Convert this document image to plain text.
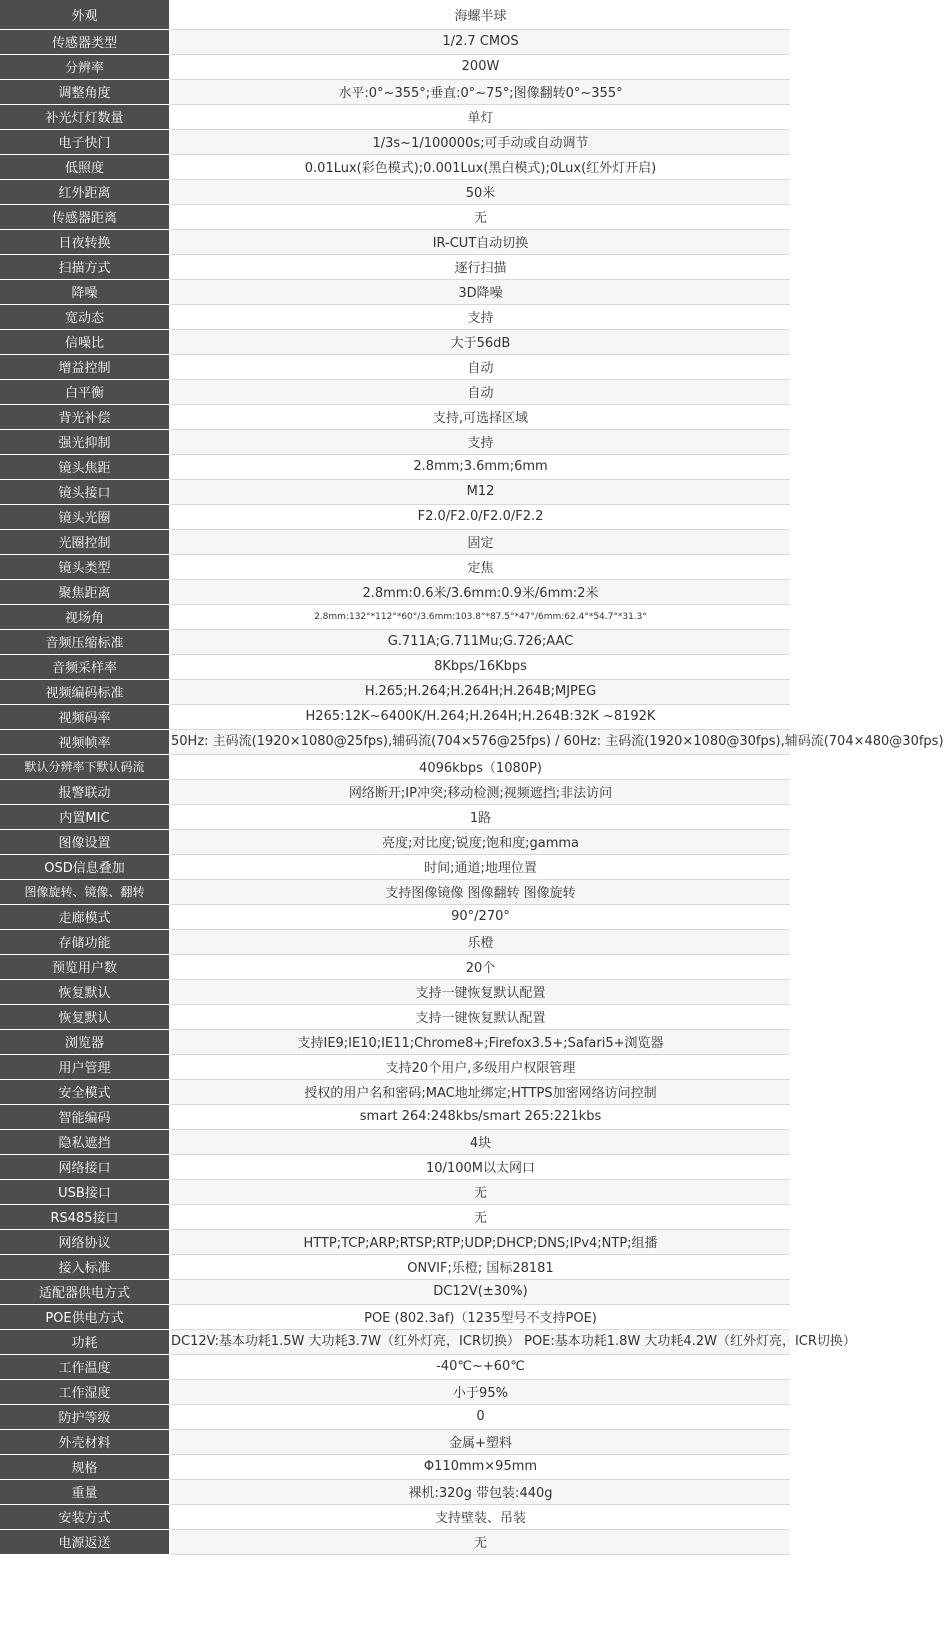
外观	海螺半球
传感器类型	1/2.7 CMOS
分辨率	200W
调整角度	水平:0°~355°;垂直:0°~75°;图像翻转0°~355°
补光灯灯数量	单灯
电子快门	1/3s~1/100000s;可手动或自动调节
低照度	0.01Lux(彩色模式);0.001Lux(黑白模式);0Lux(红外灯开启)
红外距离	50米
传感器距离	无
日夜转换	IR-CUT自动切换
扫描方式	逐行扫描
降噪	3D降噪
宽动态	支持
信噪比	大于56dB
增益控制	自动
白平衡	自动
背光补偿	支持,可选择区域
强光抑制	支持
镜头焦距	2.8mm;3.6mm;6mm
镜头接口	M12
镜头光圈	F2.0/F2.0/F2.0/F2.2
光圈控制	固定
镜头类型	定焦
聚焦距离	2.8mm:0.6米/3.6mm:0.9米/6mm:2米
视场角	2.8mm:132°*112°*60°/3.6mm:103.8°*87.5°*47°/6mm:62.4°*54.7°*31.3°
音频压缩标准	G.711A;G.711Mu;G.726;AAC
音频采样率	8Kbps/16Kbps
视频编码标准	H.265;H.264;H.264H;H.264B;MJPEG
视频码率	H265:12K~6400K/H.264;H.264H;H.264B:32K ~8192K
视频帧率	50Hz: 主码流(1920×1080@25fps),辅码流(704×576@25fps) / 60Hz: 主码流(1920×1080@30fps),辅码流(704×480@30fps)
默认分辨率下默认码流	4096kbps（1080P)
报警联动	网络断开;IP冲突;移动检测;视频遮挡;非法访问
内置MIC	1路
图像设置	亮度;对比度;锐度;饱和度;gamma
OSD信息叠加	时间;通道;地理位置
图像旋转、镜像、翻转	支持图像镜像 图像翻转 图像旋转
走廊模式	90°/270°
存储功能	乐橙
预览用户数	20个
恢复默认	支持一键恢复默认配置
恢复默认	支持一键恢复默认配置
浏览器	支持IE9;IE10;IE11;Chrome8+;Firefox3.5+;Safari5+浏览器
用户管理	支持20个用户,多级用户权限管理
安全模式	授权的用户名和密码;MAC地址绑定;HTTPS加密网络访问控制
智能编码	smart 264:248kbs/smart 265:221kbs
隐私遮挡	4块
网络接口	10/100M以太网口
USB接口	无
RS485接口	无
网络协议	HTTP;TCP;ARP;RTSP;RTP;UDP;DHCP;DNS;IPv4;NTP;组播
接入标准	ONVIF;乐橙; 国标28181
适配器供电方式	DC12V(±30%)
POE供电方式	POE (802.3af)（1235型号不支持POE)
功耗	DC12V:基本功耗1.5W 大功耗3.7W（红外灯亮，ICR切换） POE:基本功耗1.8W 大功耗4.2W（红外灯亮，ICR切换）
工作温度	-40℃~+60℃
工作湿度	小于95%
防护等级	0
外壳材料	金属+塑料
规格	Φ110mm×95mm
重量	裸机:320g 带包装:440g
安装方式	支持壁装、吊装
电源返送	无
